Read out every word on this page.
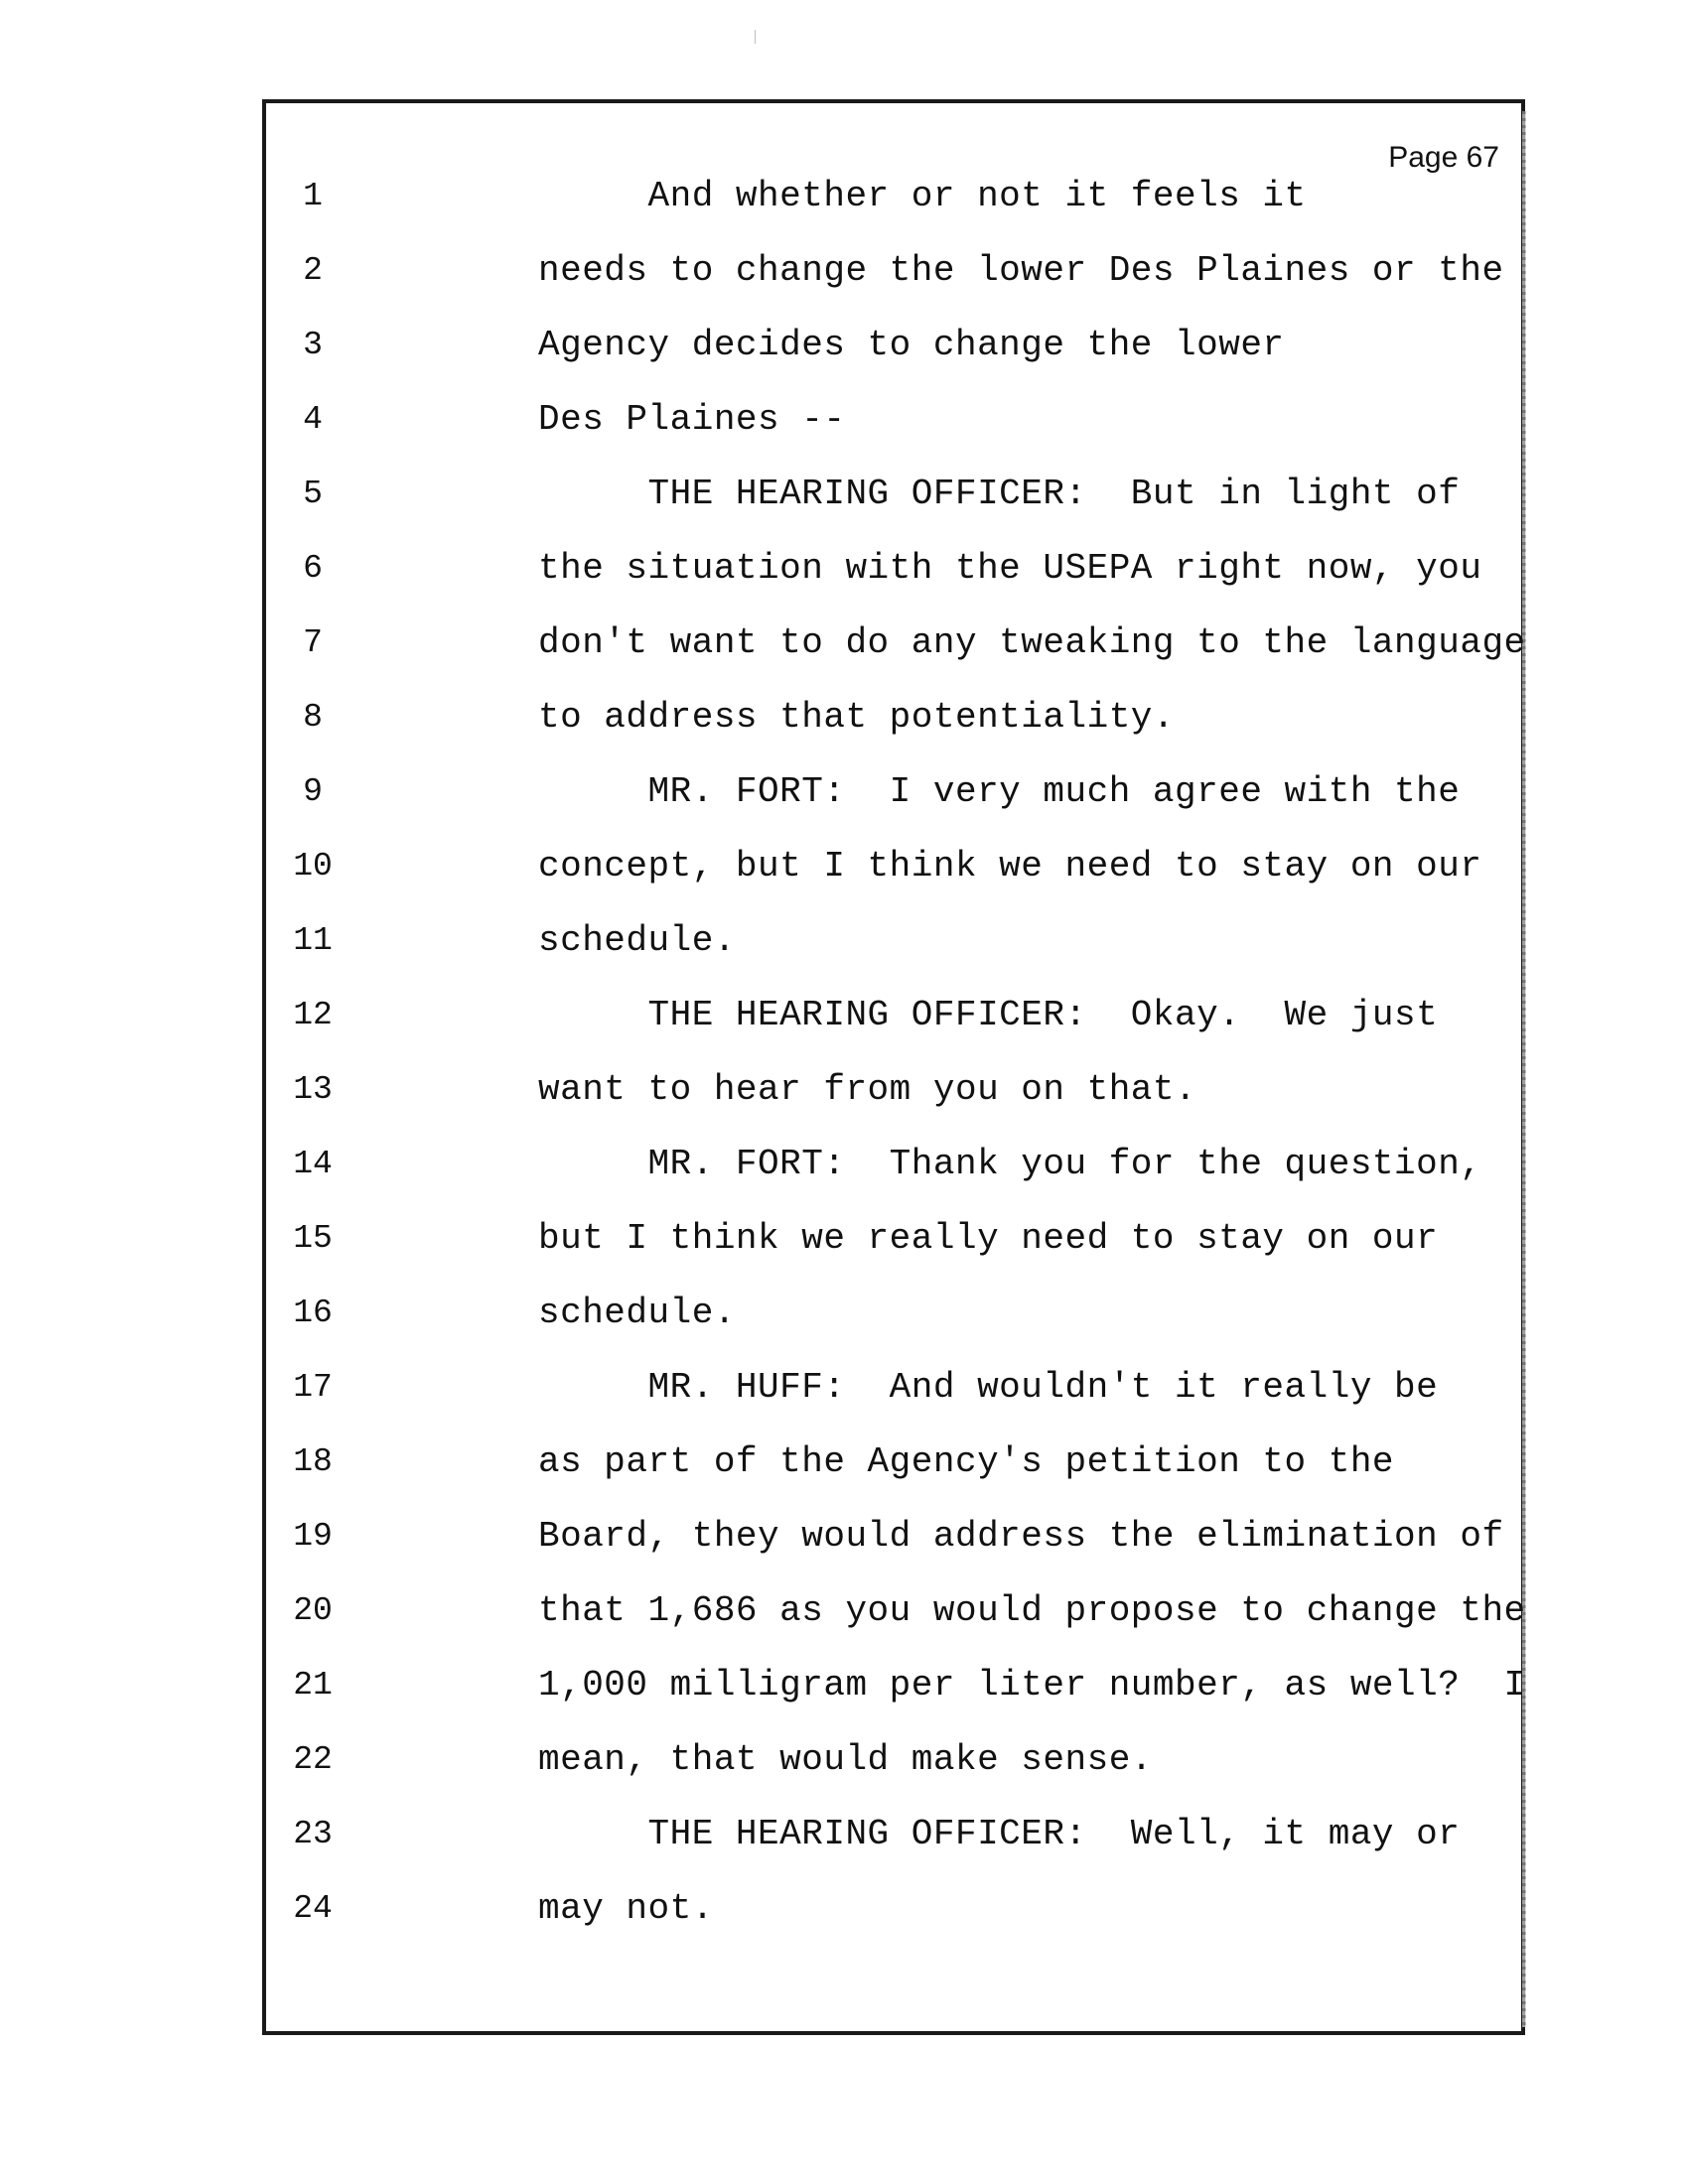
Page 67
1	And whether or not it feels it
2	needs to change the lower Des Plaines or the
3	Agency decides to change the lower
4	Des Plaines --
5	THE HEARING OFFICER:  But in light of
6	the situation with the USEPA right now, you
7	don't want to do any tweaking to the language
8	to address that potentiality.
9	MR. FORT:  I very much agree with the
10	concept, but I think we need to stay on our
11	schedule.
12	THE HEARING OFFICER:  Okay.  We just
13	want to hear from you on that.
14	MR. FORT:  Thank you for the question,
15	but I think we really need to stay on our
16	schedule.
17	MR. HUFF:  And wouldn't it really be
18	as part of the Agency's petition to the
19	Board, they would address the elimination of
20	that 1,686 as you would propose to change the
21	1,000 milligram per liter number, as well?  I
22	mean, that would make sense.
23	THE HEARING OFFICER:  Well, it may or
24	may not.
